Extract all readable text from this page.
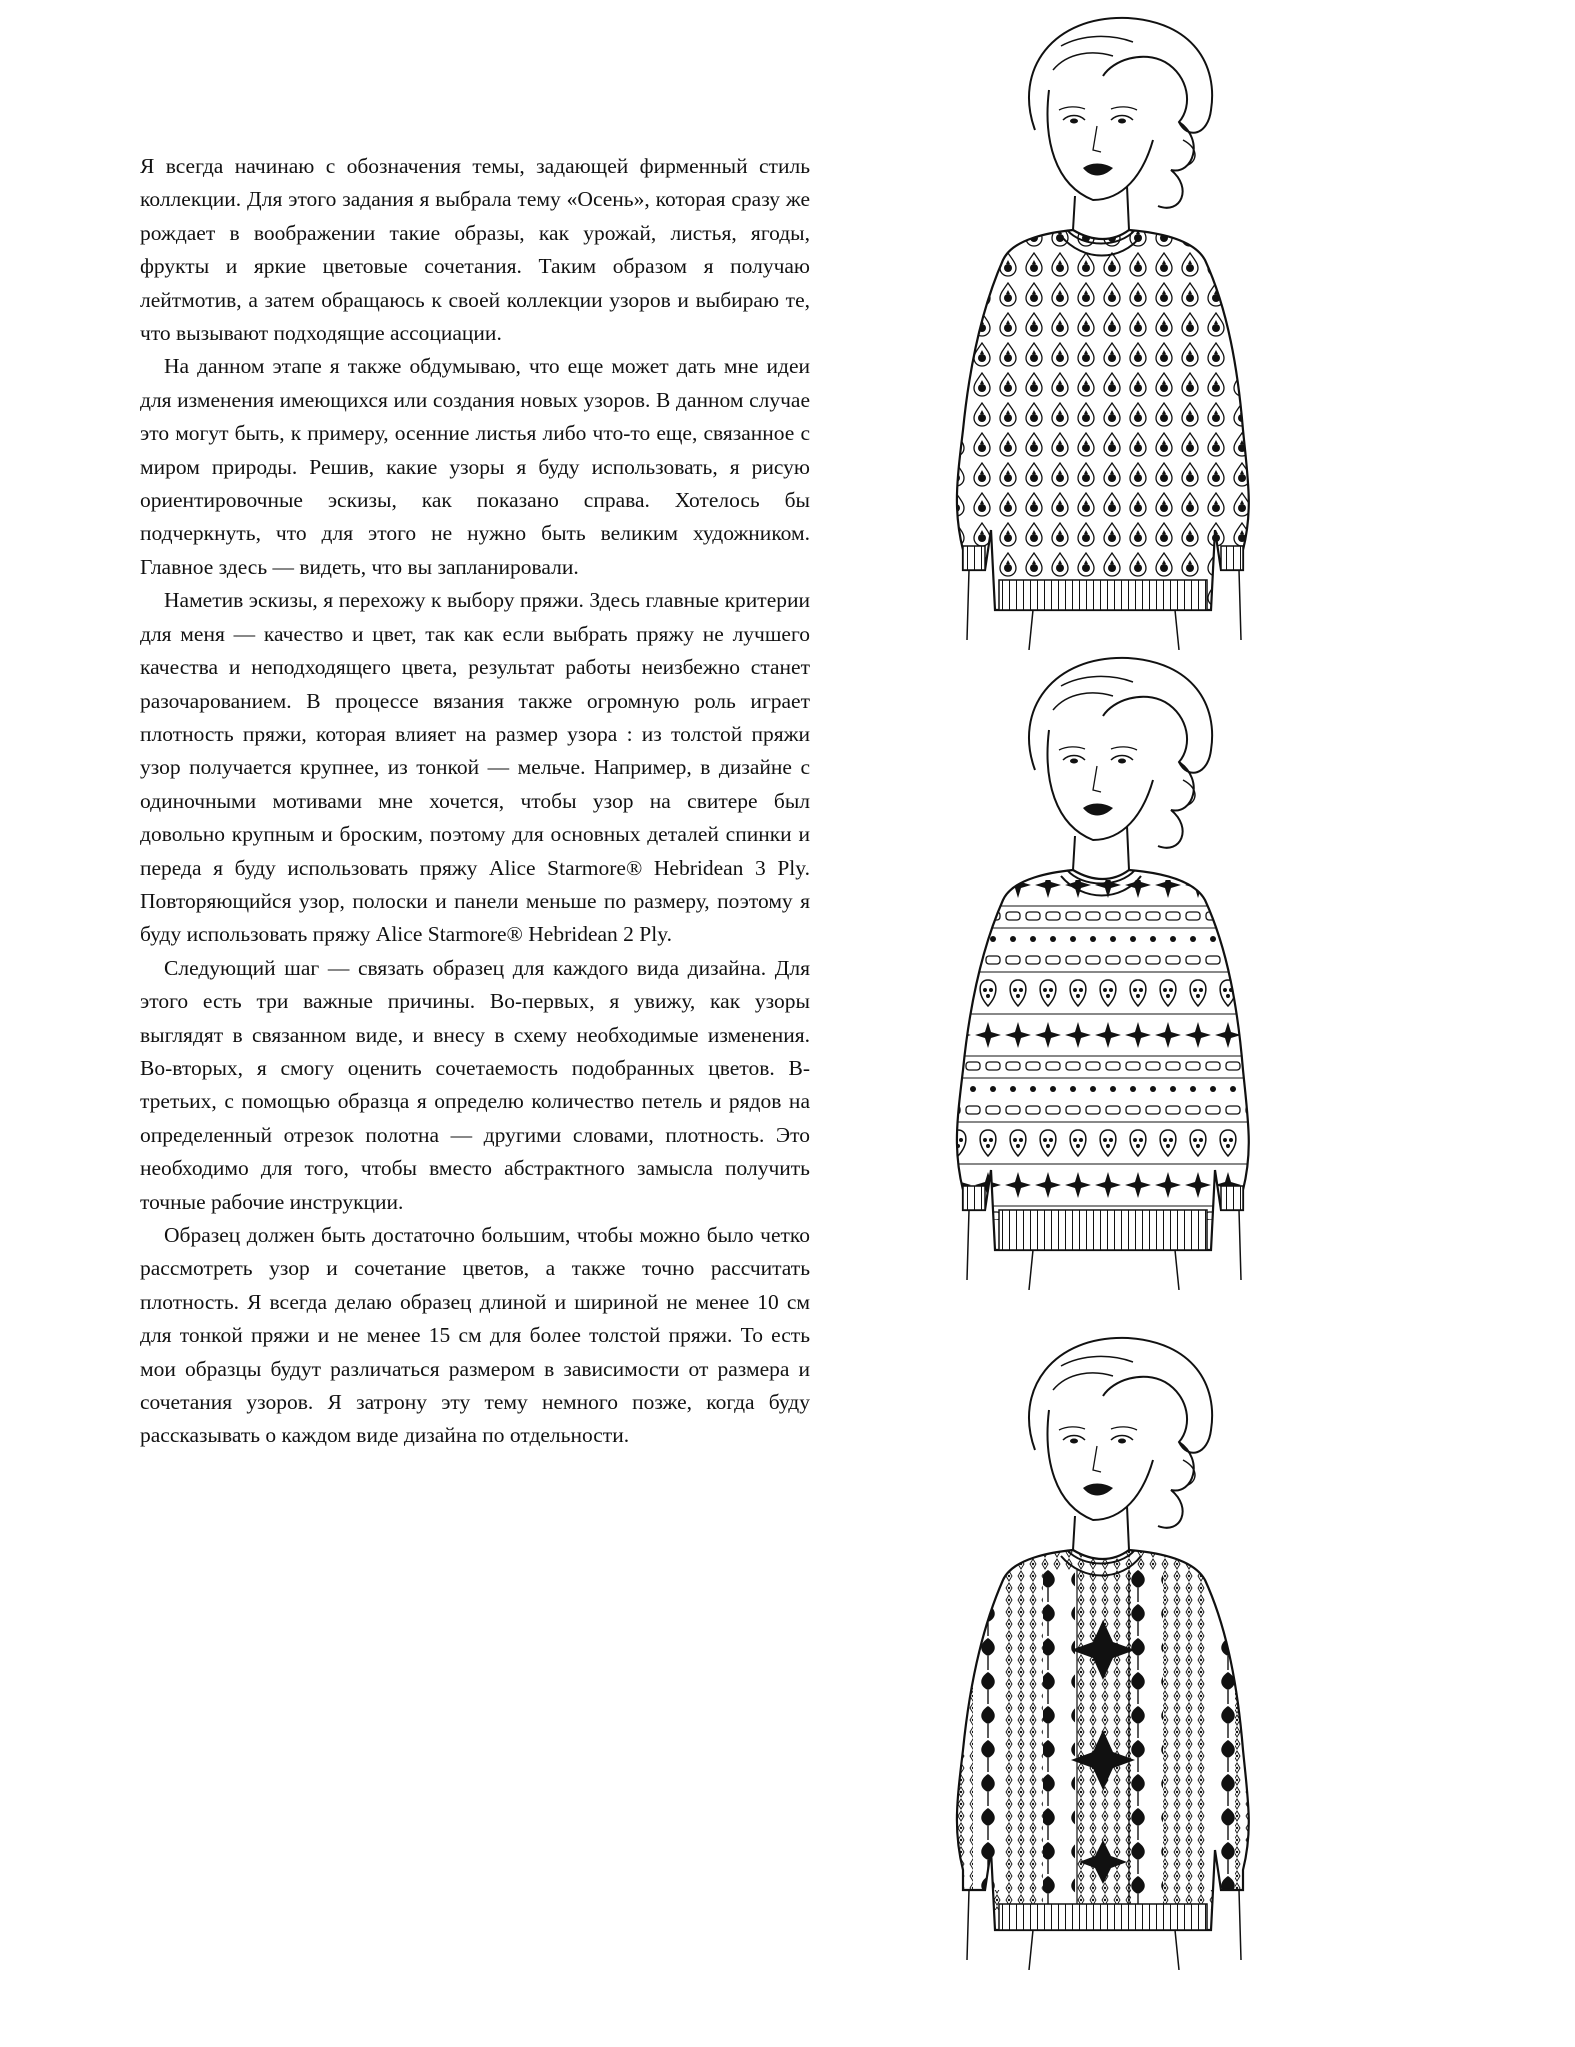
Я всегда начинаю с обозначения темы, задающей фирменный стиль коллекции. Для этого задания я выбрала тему «Осень», которая сразу же рождает в воображении такие образы, как урожай, листья, ягоды, фрукты и яркие цветовые сочетания. Таким образом я получаю лейтмотив, а затем обращаюсь к своей коллекции узоров и выбираю те, что вызывают подходящие ассоциации.

На данном этапе я также обдумываю, что еще может дать мне идеи для изменения имеющихся или создания новых узоров. В данном случае это могут быть, к примеру, осенние листья либо что-то еще, связанное с миром природы. Решив, какие узоры я буду использовать, я рисую ориентировочные эскизы, как показано справа. Хотелось бы подчеркнуть, что для этого не нужно быть великим художником. Главное здесь — видеть, что вы запланировали.

Наметив эскизы, я перехожу к выбору пряжи. Здесь главные критерии для меня — качество и цвет, так как если выбрать пряжу не лучшего качества и неподходящего цвета, результат работы неизбежно станет разочарованием. В процессе вязания также огромную роль играет плотность пряжи, которая влияет на размер узора : из толстой пряжи узор получается крупнее, из тонкой — мельче. Например, в дизайне с одиночными мотивами мне хочется, чтобы узор на свитере был довольно крупным и броским, поэтому для основных деталей спинки и переда я буду использовать пряжу Alice Starmore® Hebridean 3 Ply. Повторяющийся узор, полоски и панели меньше по размеру, поэтому я буду использовать пряжу Alice Starmore® Hebridean 2 Ply.

Следующий шаг — связать образец для каждого вида дизайна. Для этого есть три важные причины. Во-первых, я увижу, как узоры выглядят в связанном виде, и внесу в схему необходимые изменения. Во-вторых, я смогу оценить сочетаемость подобранных цветов. В-третьих, с помощью образца я определю количество петель и рядов на определенный отрезок полотна — другими словами, плотность. Это необходимо для того, чтобы вместо абстрактного замысла получить точные рабочие инструкции.

Образец должен быть достаточно большим, чтобы можно было четко рассмотреть узор и сочетание цветов, а также точно рассчитать плотность. Я всегда делаю образец длиной и шириной не менее 10 см для тонкой пряжи и не менее 15 см для более толстой пряжи. То есть мои образцы будут различаться размером в зависимости от размера и сочетания узоров. Я затрону эту тему немного позже, когда буду рассказывать о каждом виде дизайна по отдельности.
